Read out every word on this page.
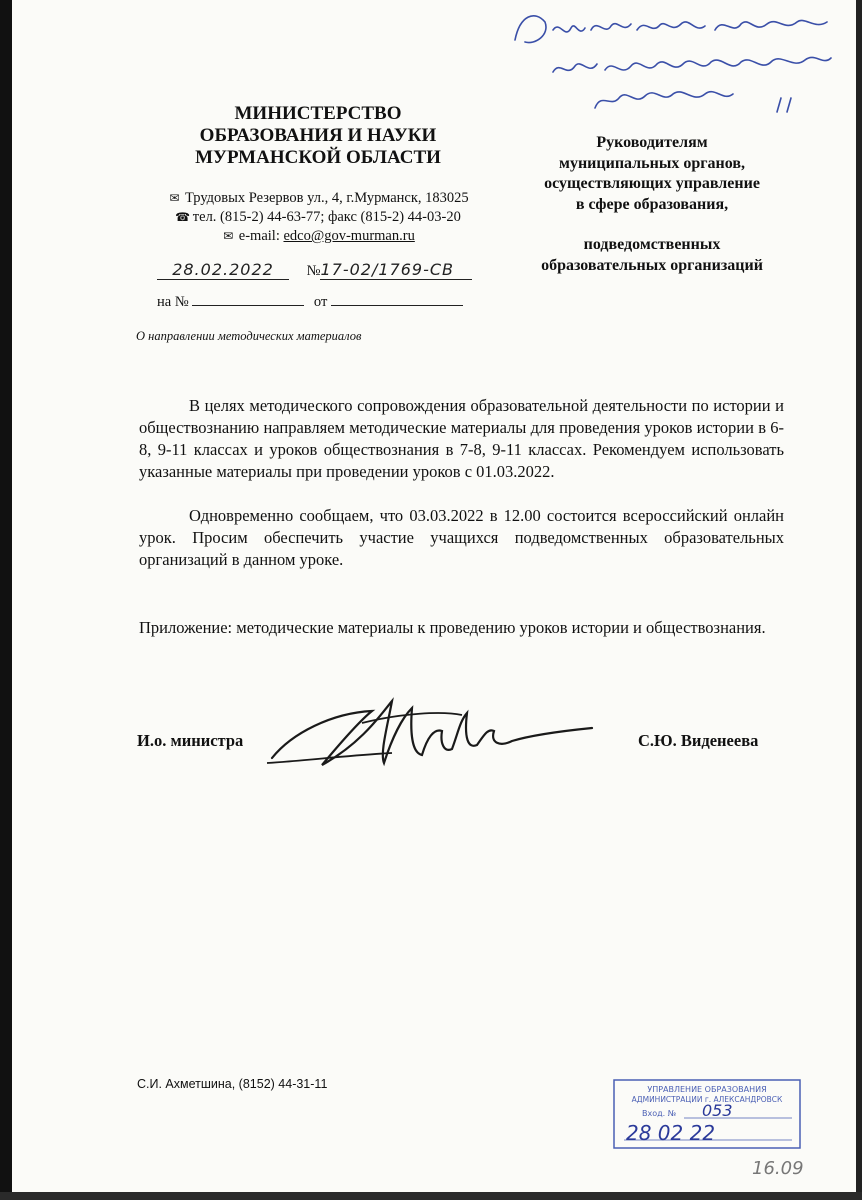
МИНИСТЕРСТВО
ОБРАЗОВАНИЯ И НАУКИ
МУРМАНСКОЙ ОБЛАСТИ
✉ Трудовых Резервов ул., 4, г.Мурманск, 183025
☎ тел. (815-2) 44-63-77; факс (815-2) 44-03-20
✉ e-mail: edco@gov-murman.ru
28.02.2022 №17-02/1769-СВ
на №	от
О направлении методических материалов
Руководителям
муниципальных органов,
осуществляющих управление
в сфере образования,
подведомственных
образовательных организаций

В целях методического сопровождения образовательной деятельности по истории и обществознанию направляем методические материалы для проведения уроков истории в 6-8, 9-11 классах и уроков обществознания в 7-8, 9-11 классах. Рекомендуем использовать указанные материалы при проведении уроков с 01.03.2022.

Одновременно сообщаем, что 03.03.2022 в 12.00 состоится всероссийский онлайн урок. Просим обеспечить участие учащихся подведомственных образовательных организаций в данном уроке.

Приложение: методические материалы к проведению уроков истории и обществознания.

И.о. министра	С.Ю. Виденеева
С.И. Ахметшина, (8152) 44-31-11	УПРАВЛЕНИЕ ОБРАЗОВАНИЯ
АДМИНИСТРАЦИИ г. АЛЕКСАНДРОВСК
Вход. № 053
28 02 22
16.09
